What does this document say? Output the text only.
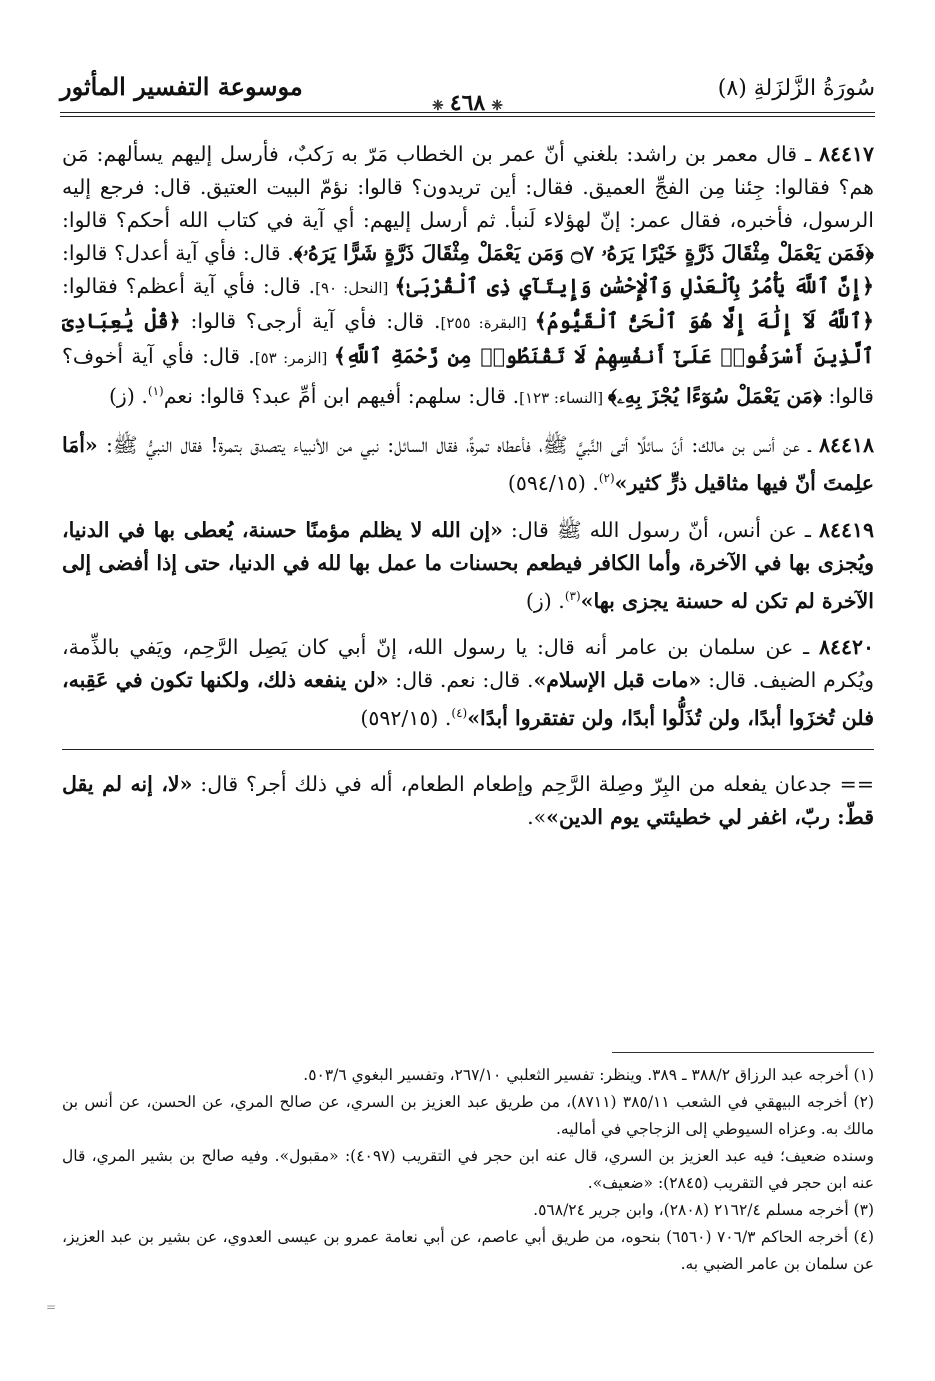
سُورَةُ الزَّلزَلةِ (٨)
❈٤٦٨❈
موسوعة التفسير المأثور

٨٤٤١٧ ـ قال معمر بن راشد: بلغني أنّ عمر بن الخطاب مَرّ به رَكبٌ، فأرسل إليهم يسألهم: مَن هم؟ فقالوا: جِئنا مِن الفجِّ العميق. فقال: أين تريدون؟ قالوا: نؤمّ البيت العتيق. قال: فرجع إليه الرسول، فأخبره، فقال عمر: إنّ لهؤلاء لَنبأ. ثم أرسل إليهم: أي آية في كتاب الله أحكم؟ قالوا: ﴿فَمَن يَعْمَلْ مِثْقَالَ ذَرَّةٍ خَيْرًا يَرَهُۥ ۝٧ وَمَن يَعْمَلْ مِثْقَالَ ذَرَّةٍ شَرًّا يَرَهُۥ﴾. قال: فأي آية أعدل؟ قالوا: ﴿إِنَّ ٱللَّهَ يَأْمُرُ بِٱلْعَدْلِ وَٱلْإِحْسَٰنِ وَإِيتَآيِ ذِى ٱلْقُرْبَىٰ﴾ [النحل: ٩٠]. قال: فأي آية أعظم؟ فقالوا: ﴿ٱللَّهُ لَآ إِلَٰهَ إِلَّا هُوَ ٱلْحَىُّ ٱلْقَيُّومُ﴾ [البقرة: ٢٥٥]. قال: فأي آية أرجى؟ قالوا: ﴿قُلْ يَٰعِبَادِىَ ٱلَّذِينَ أَسْرَفُوا۟ عَلَىٰٓ أَنفُسِهِمْ لَا تَقْنَطُوا۟ مِن رَّحْمَةِ ٱللَّهِ﴾ [الزمر: ٥٣]. قال: فأي آية أخوف؟ قالوا: ﴿مَن يَعْمَلْ سُوٓءًا يُجْزَ بِهِۦ﴾ [النساء: ١٢٣]. قال: سلهم: أفيهم ابن أمِّ عبد؟ قالوا: نعم$^{(١)}$. (ز)

٨٤٤١٨ ـ عن أنس بن مالك: أنّ سائلًا أتى النَّبيَّ ﷺ، فأعطاه تمرةً، فقال السائل: نبي من الأنبياء يتصدق بتمرة! فقال النبيُّ ﷺ: «أمَا علِمتَ أنّ فيها مثاقيل ذرٍّ كثير»$^{(٢)}$. (٥٩٤/١٥)

٨٤٤١٩ ـ عن أنس، أنّ رسول الله ﷺ قال: «إن الله لا يظلم مؤمنًا حسنة، يُعطى بها في الدنيا، ويُجزى بها في الآخرة، وأما الكافر فيطعم بحسنات ما عمل بها لله في الدنيا، حتى إذا أفضى إلى الآخرة لم تكن له حسنة يجزى بها»$^{(٣)}$. (ز)

٨٤٤٢٠ ـ عن سلمان بن عامر أنه قال: يا رسول الله، إنّ أبي كان يَصِل الرَّحِم، ويَفي بالذِّمة، ويُكرم الضيف. قال: «مات قبل الإسلام». قال: نعم. قال: «لن ينفعه ذلك، ولكنها تكون في عَقِبه، فلن تُخزَوا أبدًا، ولن تُذَلُّوا أبدًا، ولن تفتقروا أبدًا»$^{(٤)}$. (٥٩٢/١٥)

== جدعان يفعله من البِرّ وصِلة الرَّحِم وإطعام الطعام، أله في ذلك أجر؟ قال: «لا، إنه لم يقل قطّ: ربّ، اغفر لي خطيئتي يوم الدين»».

(١) أخرجه عبد الرزاق ٣٨٨/٢ ـ ٣٨٩. وينظر: تفسير الثعلبي ٢٦٧/١٠، وتفسير البغوي ٥٠٣/٦.

(٢) أخرجه البيهقي في الشعب ٣٨٥/١١ (٨٧١١)، من طريق عبد العزيز بن السري، عن صالح المري، عن الحسن، عن أنس بن مالك به. وعزاه السيوطي إلى الزجاجي في أماليه.

وسنده ضعيف؛ فيه عبد العزيز بن السري، قال عنه ابن حجر في التقريب (٤٠٩٧): «مقبول». وفيه صالح بن بشير المري، قال عنه ابن حجر في التقريب (٢٨٤٥): «ضعيف».

(٣) أخرجه مسلم ٢١٦٢/٤ (٢٨٠٨)، وابن جرير ٥٦٨/٢٤.

(٤) أخرجه الحاكم ٧٠٦/٣ (٦٥٦٠) بنحوه، من طريق أبي عاصم، عن أبي نعامة عمرو بن عيسى العدوي، عن بشير بن عبد العزيز، عن سلمان بن عامر الضبي به.

=
